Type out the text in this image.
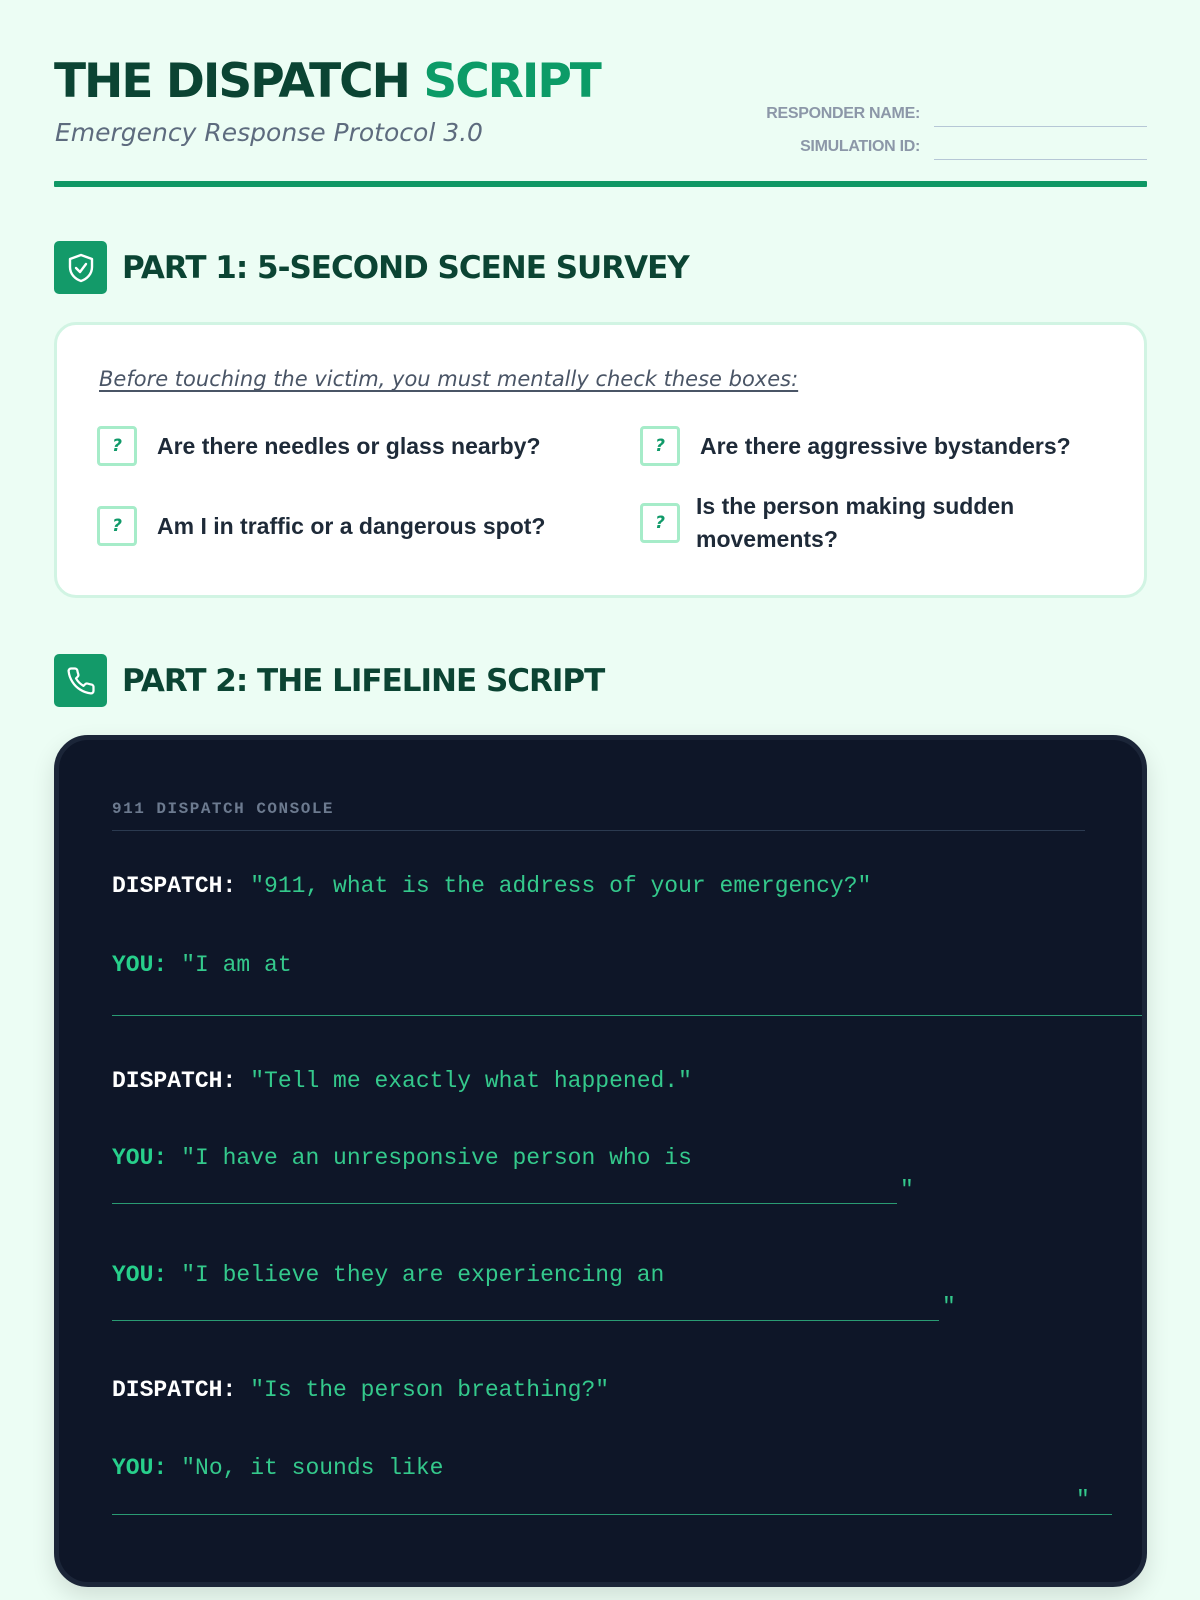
THE DISPATCH SCRIPT
Emergency Response Protocol 3.0
RESPONDER NAME:
SIMULATION ID:
PART 1: 5-SECOND SCENE SURVEY
Before touching the victim, you must mentally check these boxes:
?	Are there needles or glass nearby?	?	Are there aggressive bystanders?
?	Am I in traffic or a dangerous spot?	?
Is the person making sudden movements?
PART 2: THE LIFELINE SCRIPT
911 DISPATCH CONSOLE
DISPATCH: "911, what is the address of your emergency?"
YOU: "I am at
DISPATCH: "Tell me exactly what happened."
YOU: "I have an unresponsive person who is
"
YOU: "I believe they are experiencing an
"
DISPATCH: "Is the person breathing?"
YOU: "No, it sounds like
"
